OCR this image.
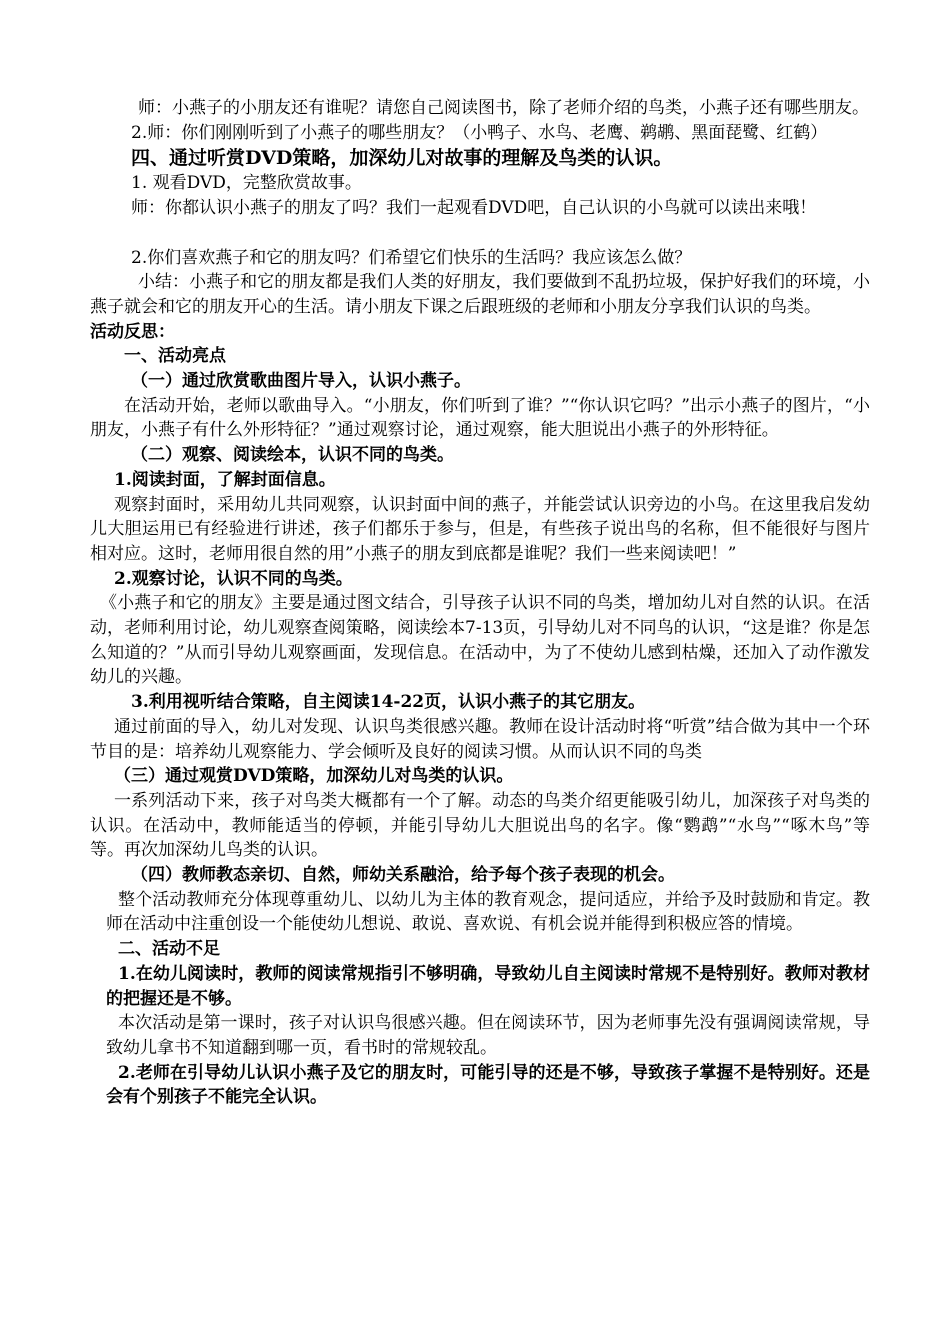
师：小燕子的小朋友还有谁呢？请您自己阅读图书，除了老师介绍的鸟类，小燕子还有哪些朋友。

2.师：你们刚刚听到了小燕子的哪些朋友？（小鸭子、水鸟、老鹰、鹈鹕、黑面琵鹭、红鹤）

四、通过听赏DVD策略，加深幼儿对故事的理解及鸟类的认识。

1. 观看DVD，完整欣赏故事。

师：你都认识小燕子的朋友了吗？我们一起观看DVD吧，自己认识的小鸟就可以读出来哦！

2.你们喜欢燕子和它的朋友吗？们希望它们快乐的生活吗？我应该怎么做？

小结：小燕子和它的朋友都是我们人类的好朋友，我们要做到不乱扔垃圾，保护好我们的环境，小燕子就会和它的朋友开心的生活。请小朋友下课之后跟班级的老师和小朋友分享我们认识的鸟类。

活动反思：

一、活动亮点

（一）通过欣赏歌曲图片导入，认识小燕子。

在活动开始，老师以歌曲导入。“小朋友，你们听到了谁？”“你认识它吗？”出示小燕子的图片，“小朋友，小燕子有什么外形特征？”通过观察讨论，通过观察，能大胆说出小燕子的外形特征。

（二）观察、阅读绘本，认识不同的鸟类。

1.阅读封面，了解封面信息。

观察封面时，采用幼儿共同观察，认识封面中间的燕子，并能尝试认识旁边的小鸟。在这里我启发幼儿大胆运用已有经验进行讲述，孩子们都乐于参与，但是，有些孩子说出鸟的名称，但不能很好与图片相对应。这时，老师用很自然的用”小燕子的朋友到底都是谁呢？我们一些来阅读吧！”

2.观察讨论，认识不同的鸟类。

《小燕子和它的朋友》主要是通过图文结合，引导孩子认识不同的鸟类，增加幼儿对自然的认识。在活动，老师利用讨论，幼儿观察查阅策略，阅读绘本7-13页，引导幼儿对不同鸟的认识，“这是谁？你是怎么知道的？”从而引导幼儿观察画面，发现信息。在活动中，为了不使幼儿感到枯燥，还加入了动作激发幼儿的兴趣。

3.利用视听结合策略，自主阅读14-22页，认识小燕子的其它朋友。

通过前面的导入，幼儿对发现、认识鸟类很感兴趣。教师在设计活动时将“听赏”结合做为其中一个环节目的是：培养幼儿观察能力、学会倾听及良好的阅读习惯。从而认识不同的鸟类

（三）通过观赏DVD策略，加深幼儿对鸟类的认识。

一系列活动下来，孩子对鸟类大概都有一个了解。动态的鸟类介绍更能吸引幼儿，加深孩子对鸟类的认识。在活动中，教师能适当的停顿，并能引导幼儿大胆说出鸟的名字。像“鹦鹉”“水鸟”“啄木鸟”等等。再次加深幼儿鸟类的认识。

（四）教师教态亲切、自然，师幼关系融洽，给予每个孩子表现的机会。

整个活动教师充分体现尊重幼儿、以幼儿为主体的教育观念，提问适应，并给予及时鼓励和肯定。教师在活动中注重创设一个能使幼儿想说、敢说、喜欢说、有机会说并能得到积极应答的情境。

二、活动不足

1.在幼儿阅读时，教师的阅读常规指引不够明确，导致幼儿自主阅读时常规不是特别好。教师对教材的把握还是不够。

本次活动是第一课时，孩子对认识鸟很感兴趣。但在阅读环节，因为老师事先没有强调阅读常规，导致幼儿拿书不知道翻到哪一页，看书时的常规较乱。

2.老师在引导幼儿认识小燕子及它的朋友时，可能引导的还是不够，导致孩子掌握不是特别好。还是会有个别孩子不能完全认识。
